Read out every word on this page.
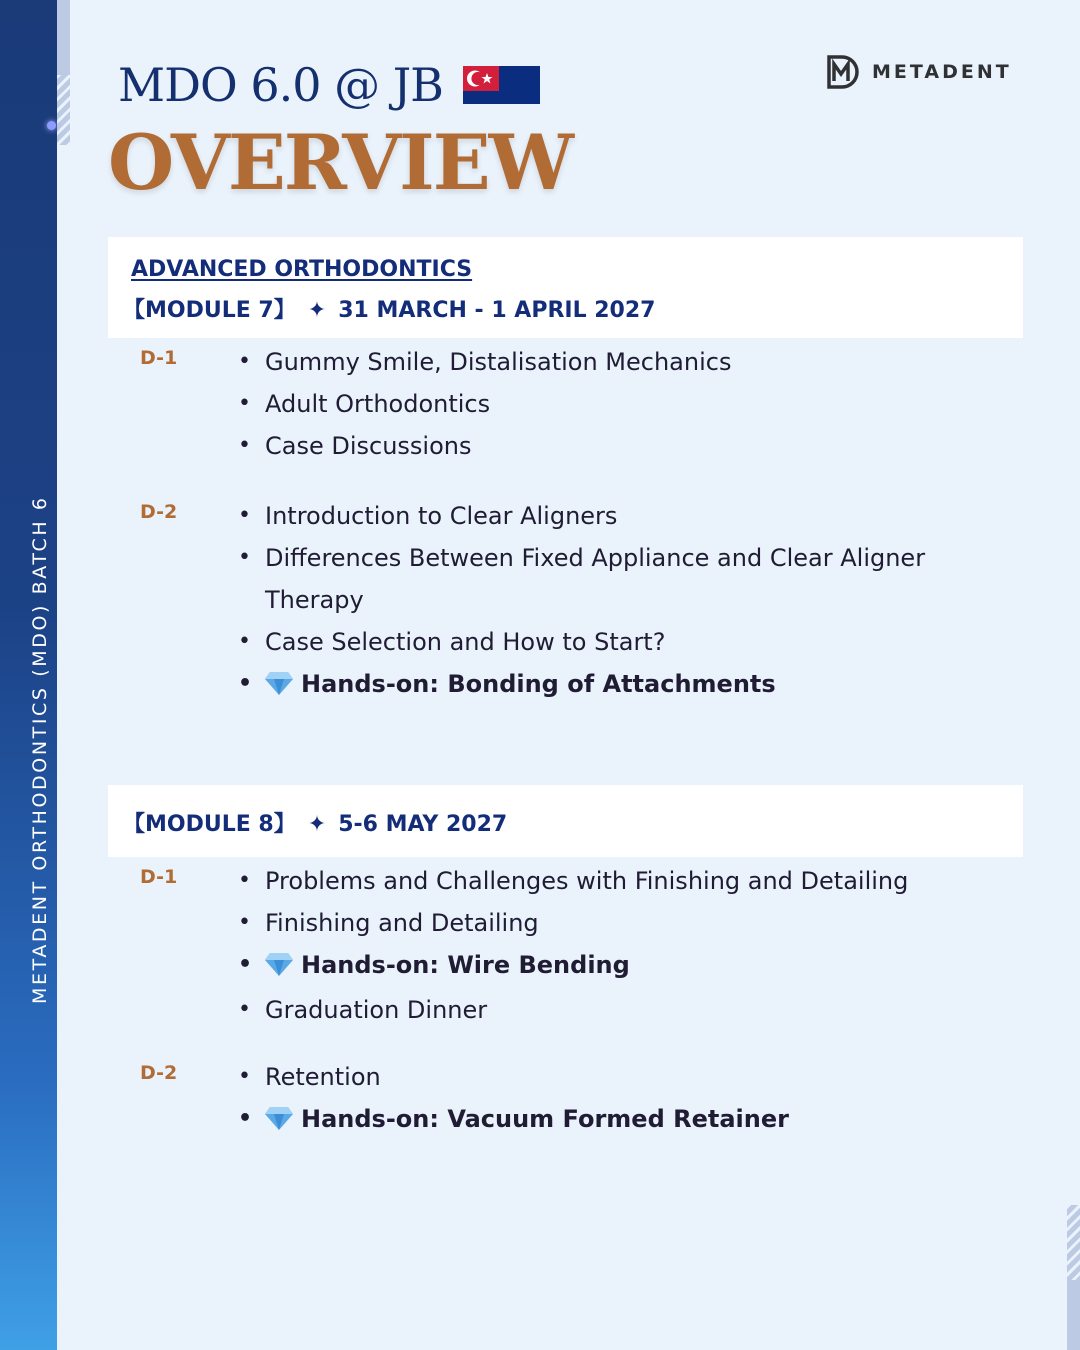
METADENT ORTHODONTICS (MDO) BATCH 6
MDO 6.0 @ JB
OVERVIEW
METADENT
ADVANCED ORTHODONTICS
【MODULE 7】 ✦ 31 MARCH - 1 APRIL 2027
D-1	• Gummy Smile, Distalisation Mechanics
• Adult Orthodontics
• Case Discussions
D-2	• Introduction to Clear Aligners
• Differences Between Fixed Appliance and Clear Aligner Therapy
• Case Selection and How to Start?
• Hands-on: Bonding of Attachments
【MODULE 8】 ✦ 5-6 MAY 2027
D-1	• Problems and Challenges with Finishing and Detailing
• Finishing and Detailing
• Hands-on: Wire Bending
• Graduation Dinner
D-2	• Retention
• Hands-on: Vacuum Formed Retainer
